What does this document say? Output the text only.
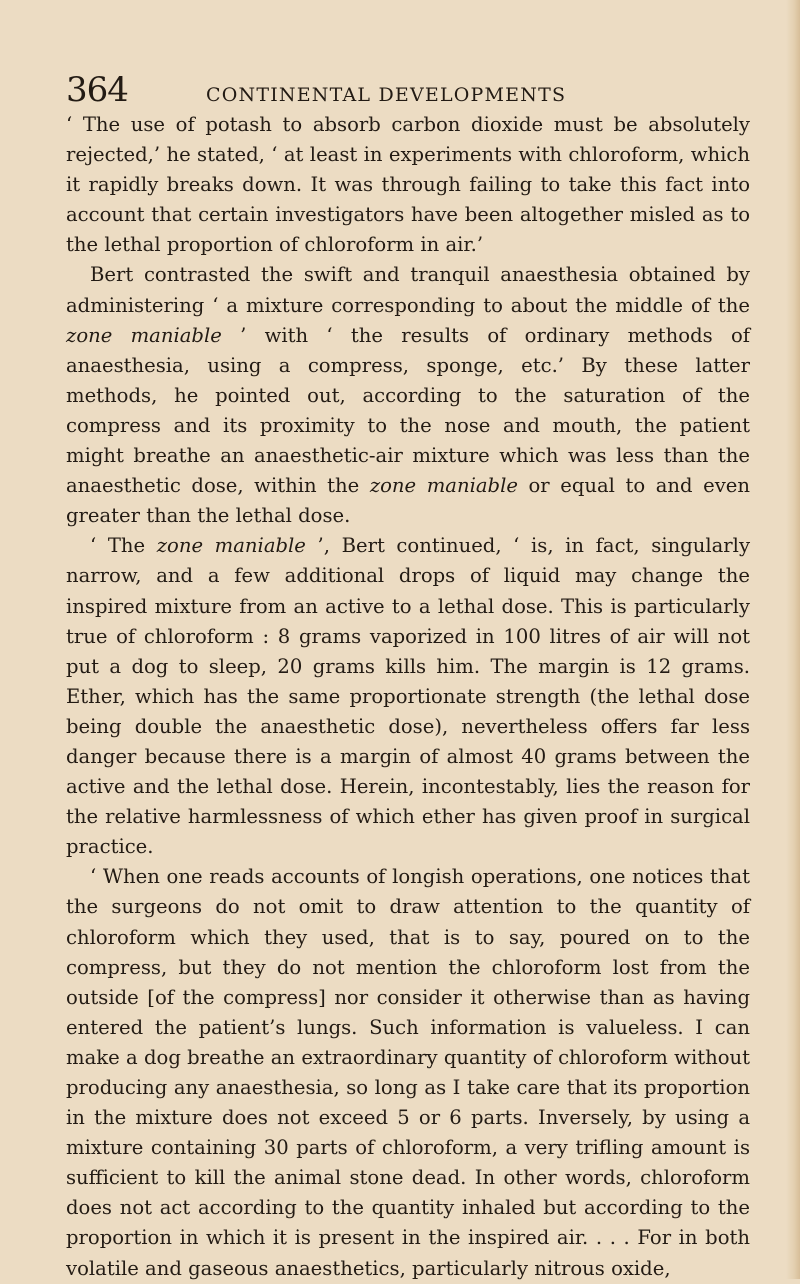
364	CONTINENTAL DEVELOPMENTS

‘ The use of potash to absorb carbon dioxide must be absolutely rejected,’ he stated, ‘ at least in experiments with chloroform, which it rapidly breaks down. It was through failing to take this fact into account that certain investigators have been altogether misled as to the lethal proportion of chloroform in air.’

Bert contrasted the swift and tranquil anaesthesia obtained by administering ‘ a mixture corresponding to about the middle of the zone maniable ’ with ‘ the results of ordinary methods of anaesthesia, using a compress, sponge, etc.’ By these latter methods, he pointed out, according to the saturation of the compress and its proximity to the nose and mouth, the patient might breathe an anaesthetic-air mixture which was less than the anaesthetic dose, within the zone maniable or equal to and even greater than the lethal dose.

‘ The zone maniable ’, Bert continued, ‘ is, in fact, singularly narrow, and a few additional drops of liquid may change the inspired mixture from an active to a lethal dose. This is particularly true of chloroform : 8 grams vaporized in 100 litres of air will not put a dog to sleep, 20 grams kills him. The margin is 12 grams. Ether, which has the same proportionate strength (the lethal dose being double the anaesthetic dose), nevertheless offers far less danger because there is a margin of almost 40 grams between the active and the lethal dose. Herein, incontestably, lies the reason for the relative harmlessness of which ether has given proof in surgical practice.

‘ When one reads accounts of longish operations, one notices that the surgeons do not omit to draw attention to the quantity of chloroform which they used, that is to say, poured on to the compress, but they do not mention the chloroform lost from the outside [of the compress] nor consider it otherwise than as having entered the patient’s lungs. Such information is valueless. I can make a dog breathe an extraordinary quantity of chloroform without producing any anaesthesia, so long as I take care that its proportion in the mixture does not exceed 5 or 6 parts. Inversely, by using a mixture containing 30 parts of chloroform, a very trifling amount is sufficient to kill the animal stone dead. In other words, chloroform does not act according to the quantity inhaled but according to the proportion in which it is present in the inspired air. . . . For in both volatile and gaseous anaesthetics, particularly nitrous oxide,
